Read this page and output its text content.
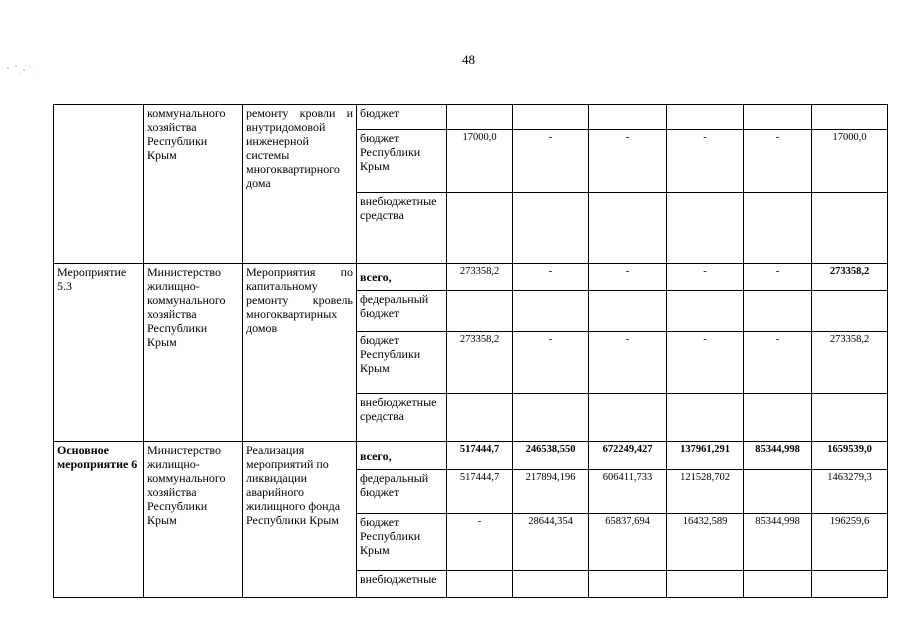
48
	коммунального хозяйства Республики Крым	ремонту кровли и внутридомовой инженерной системы многоквартирного дома	бюджет						
			бюджет Республики Крым	17000,0	-	-	-	-	17000,0
			внебюджетные средства						
Мероприятие 5.3	Министерство жилищно-коммунального хозяйства Республики Крым	Мероприятия по капитальному ремонту кровель многоквартирных домов	всего,	273358,2	-	-	-	-	273358,2
			федеральный бюджет						
			бюджет Республики Крым	273358,2	-	-	-	-	273358,2
			внебюджетные средства						
Основное мероприятие 6	Министерство жилищно-коммунального хозяйства Республики Крым	Реализация мероприятий по ликвидации аварийного жилищного фонда Республики Крым	всего,	517444,7	246538,550	672249,427	137961,291	85344,998	1659539,0
			федеральный бюджет	517444,7	217894,196	606411,733	121528,702		1463279,3
			бюджет Республики Крым	-	28644,354	65837,694	16432,589	85344,998	196259,6
			внебюджетные						
